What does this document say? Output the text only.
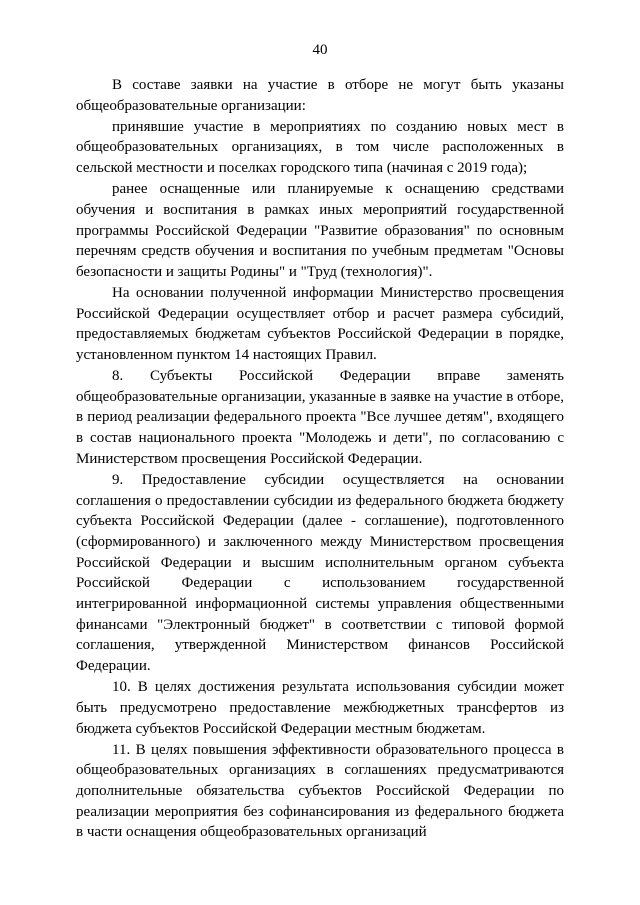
40

В составе заявки на участие в отборе не могут быть указаны общеобразовательные организации:

принявшие участие в мероприятиях по созданию новых мест в общеобразовательных организациях, в том числе расположенных в сельской местности и поселках городского типа (начиная с 2019 года);

ранее оснащенные или планируемые к оснащению средствами обучения и воспитания в рамках иных мероприятий государственной программы Российской Федерации "Развитие образования" по основным перечням средств обучения и воспитания по учебным предметам "Основы безопасности и защиты Родины" и "Труд (технология)".

На основании полученной информации Министерство просвещения Российской Федерации осуществляет отбор и расчет размера субсидий, предоставляемых бюджетам субъектов Российской Федерации в порядке, установленном пунктом 14 настоящих Правил.

8. Субъекты Российской Федерации вправе заменять общеобразовательные организации, указанные в заявке на участие в отборе, в период реализации федерального проекта "Все лучшее детям", входящего в состав национального проекта "Молодежь и дети", по согласованию с Министерством просвещения Российской Федерации.

9. Предоставление субсидии осуществляется на основании соглашения о предоставлении субсидии из федерального бюджета бюджету субъекта Российской Федерации (далее - соглашение), подготовленного (сформированного) и заключенного между Министерством просвещения Российской Федерации и высшим исполнительным органом субъекта Российской Федерации с использованием государственной интегрированной информационной системы управления общественными финансами "Электронный бюджет" в соответствии с типовой формой соглашения, утвержденной Министерством финансов Российской Федерации.

10. В целях достижения результата использования субсидии может быть предусмотрено предоставление межбюджетных трансфертов из бюджета субъектов Российской Федерации местным бюджетам.

11. В целях повышения эффективности образовательного процесса в общеобразовательных организациях в соглашениях предусматриваются дополнительные обязательства субъектов Российской Федерации по реализации мероприятия без софинансирования из федерального бюджета в части оснащения общеобразовательных организаций
